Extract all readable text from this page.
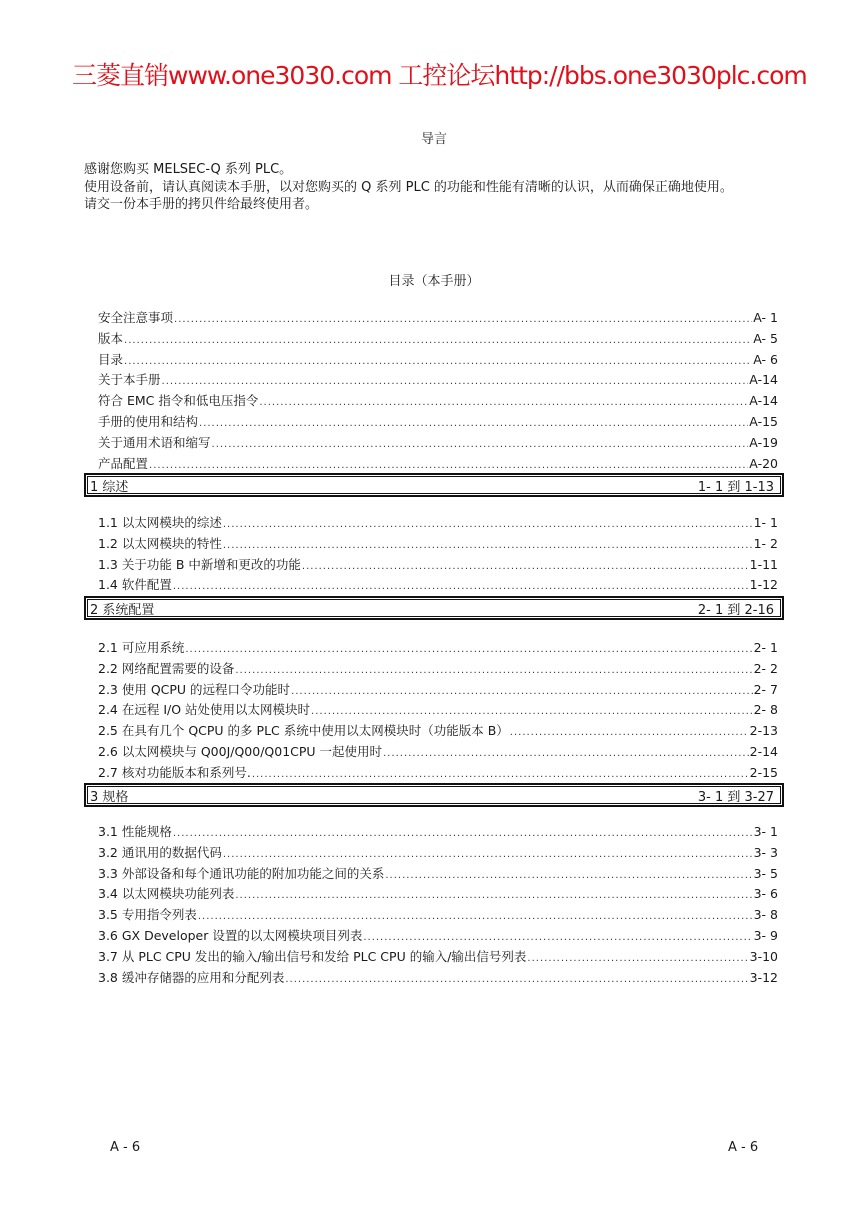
三菱直销www.one3030.com 工控论坛http://bbs.one3030plc.com
导言

感谢您购买 MELSEC-Q 系列 PLC。

使用设备前，请认真阅读本手册，以对您购买的 Q 系列 PLC 的功能和性能有清晰的认识，从而确保正确地使用。

请交一份本手册的拷贝件给最终使用者。

目录（本手册）
安全注意事项 .....	A- 1
版本 .....	A- 5
目录 .....	A- 6
关于本手册 .....	A-14
符合 EMC 指令和低电压指令 .....	A-14
手册的使用和结构 .....	A-15
关于通用术语和缩写 .....	A-19
产品配置 .....	A-20
1 综述	1- 1 到 1-13
1.1 以太网模块的综述 .....	1- 1
1.2 以太网模块的特性 .....	1- 2
1.3 关于功能 B 中新增和更改的功能 .....	1-11
1.4 软件配置 .....	1-12
2 系统配置	2- 1 到 2-16
2.1 可应用系统 .....	2- 1
2.2 网络配置需要的设备 .....	2- 2
2.3 使用 QCPU 的远程口令功能时 .....	2- 7
2.4 在远程 I/O 站处使用以太网模块时 .....	2- 8
2.5 在具有几个 QCPU 的多 PLC 系统中使用以太网模块时（功能版本 B） .....	2-13
2.6 以太网模块与 Q00J/Q00/Q01CPU 一起使用时 .....	2-14
2.7 核对功能版本和系列号. .....	2-15
3 规格	3- 1 到 3-27
3.1 性能规格 .....	3- 1
3.2 通讯用的数据代码 .....	3- 3
3.3 外部设备和每个通讯功能的附加功能之间的关系 .....	3- 5
3.4 以太网模块功能列表 .....	3- 6
3.5 专用指令列表 .....	3- 8
3.6 GX Developer 设置的以太网模块项目列表 .....	3- 9
3.7 从 PLC CPU 发出的输入/输出信号和发给 PLC CPU 的输入/输出信号列表 .....	3-10
3.8 缓冲存储器的应用和分配列表 .....	3-12
A - 6	A - 6
